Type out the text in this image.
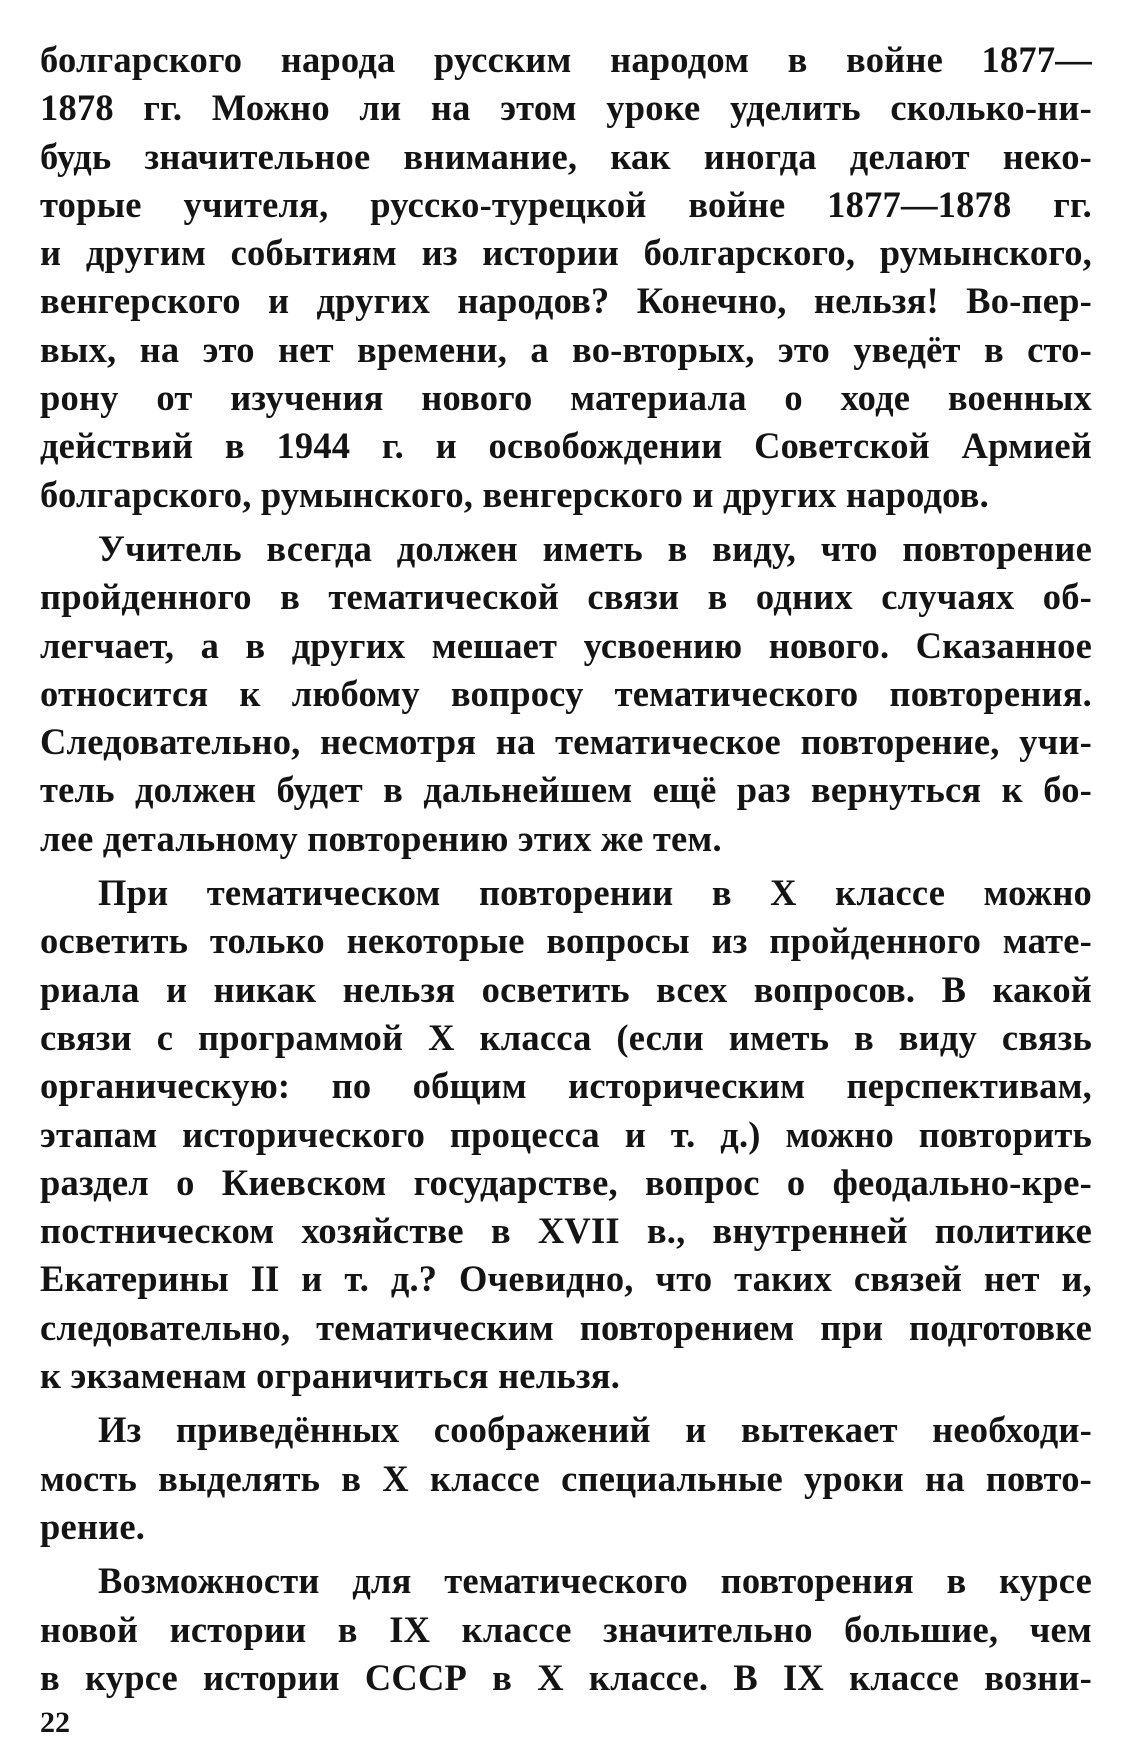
болгарского народа русским народом в войне 1877—
1878 гг. Можно ли на этом уроке уделить сколько-ни-
будь значительное внимание, как иногда делают неко-
торые учителя, русско-турецкой войне 1877—1878 гг.
и другим событиям из истории болгарского, румынского,
венгерского и других народов? Конечно, нельзя! Во-пер-
вых, на это нет времени, а во-вторых, это уведёт в сто-
рону от изучения нового материала о ходе военных
действий в 1944 г. и освобождении Советской Армией
болгарского, румынского, венгерского и других народов.
Учитель всегда должен иметь в виду, что повторение
пройденного в тематической связи в одних случаях об-
легчает, а в других мешает усвоению нового. Сказанное
относится к любому вопросу тематического повторения.
Следовательно, несмотря на тематическое повторение, учи-
тель должен будет в дальнейшем ещё раз вернуться к бо-
лее детальному повторению этих же тем.
При тематическом повторении в X классе можно
осветить только некоторые вопросы из пройденного мате-
риала и никак нельзя осветить всех вопросов. В какой
связи с программой X класса (если иметь в виду связь
органическую: по общим историческим перспективам,
этапам исторического процесса и т. д.) можно повторить
раздел о Киевском государстве, вопрос о феодально-кре-
постническом хозяйстве в XVII в., внутренней политике
Екатерины II и т. д.? Очевидно, что таких связей нет и,
следовательно, тематическим повторением при подготовке
к экзаменам ограничиться нельзя.
Из приведённых соображений и вытекает необходи-
мость выделять в X классе специальные уроки на повто-
рение.
Возможности для тематического повторения в курсе
новой истории в IX классе значительно большие, чем
в курсе истории СССР в X классе. В IX классе возни-
22
